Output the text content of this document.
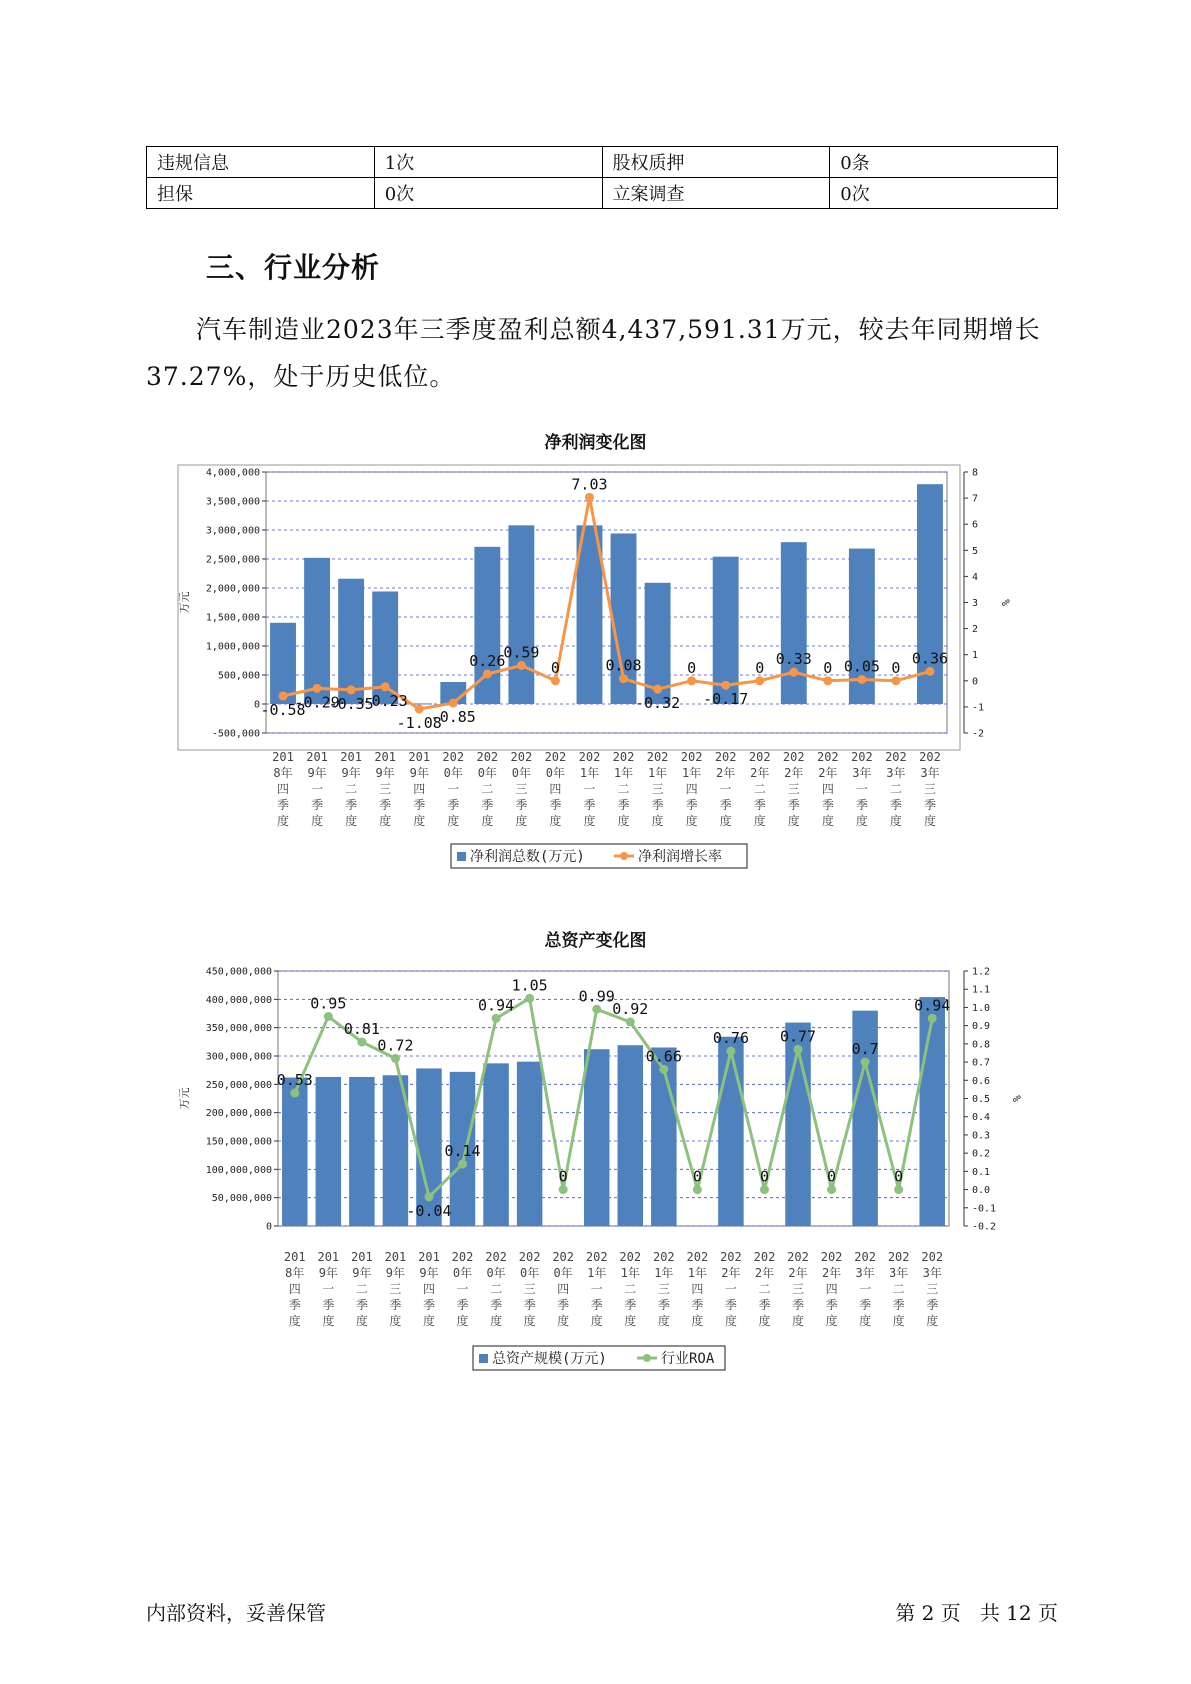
违规信息	1次	股权质押	0条
担保	0次	立案调查	0次
三、行业分析

汽车制造业2023年三季度盈利总额4,437,591.31万元，较去年同期增长37.27%，处于历史低位。

净利润变化图
-500,000
0
500,000
1,000,000
1,500,000
2,000,000
2,500,000
3,000,000
3,500,000
4,000,000
-2
-1
0
1
2
3
4
5
6
7
8
万元	%
201
8年
四
季
度
201
9年
一
季
度
201
9年
二
季
度
201
9年
三
季
度
201
9年
四
季
度
202
0年
一
季
度
202
0年
二
季
度
202
0年
三
季
度
202
0年
四
季
度
202
1年
一
季
度
202
1年
二
季
度
202
1年
三
季
度
202
1年
四
季
度
202
2年
一
季
度
202
2年
二
季
度
202
2年
三
季
度
202
2年
四
季
度
202
3年
一
季
度
202
3年
二
季
度
202
3年
三
季
度
-0.58
-0.29
-0.35
-0.23
-1.08
-0.85
0.26
0.59
0
7.03
0.08
-0.32
0
-0.17
0 0.33 0 0.05 0
0.36
净利润总数(万元)	净利润增长率
总资产变化图
0
50,000,000
100,000,000
150,000,000
200,000,000
250,000,000
300,000,000
350,000,000
400,000,000
450,000,000
-0.2
-0.1
0.0
0.1
0.2
0.3
0.4
0.5
0.6
0.7
0.8
0.9
1.0
1.1
1.2
万元	%
201
8年
四
季
度
201
9年
一
季
度
201
9年
二
季
度
201
9年
三
季
度
201
9年
四
季
度
202
0年
一
季
度
202
0年
二
季
度
202
0年
三
季
度
202
0年
四
季
度
202
1年
一
季
度
202
1年
二
季
度
202
1年
三
季
度
202
1年
四
季
度
202
2年
一
季
度
202
2年
二
季
度
202
2年
三
季
度
202
2年
四
季
度
202
3年
一
季
度
202
3年
二
季
度
202
3年
三
季
度
0.53
0.95
0.81
0.72
-0.04
0.14
0.94
1.05
0
0.99
0.92
0.66
0
0.76
0
0.77
0
0.7
0
0.94
总资产规模(万元)	行业ROA
内部资料，妥善保管	第 2 页   共 12 页
